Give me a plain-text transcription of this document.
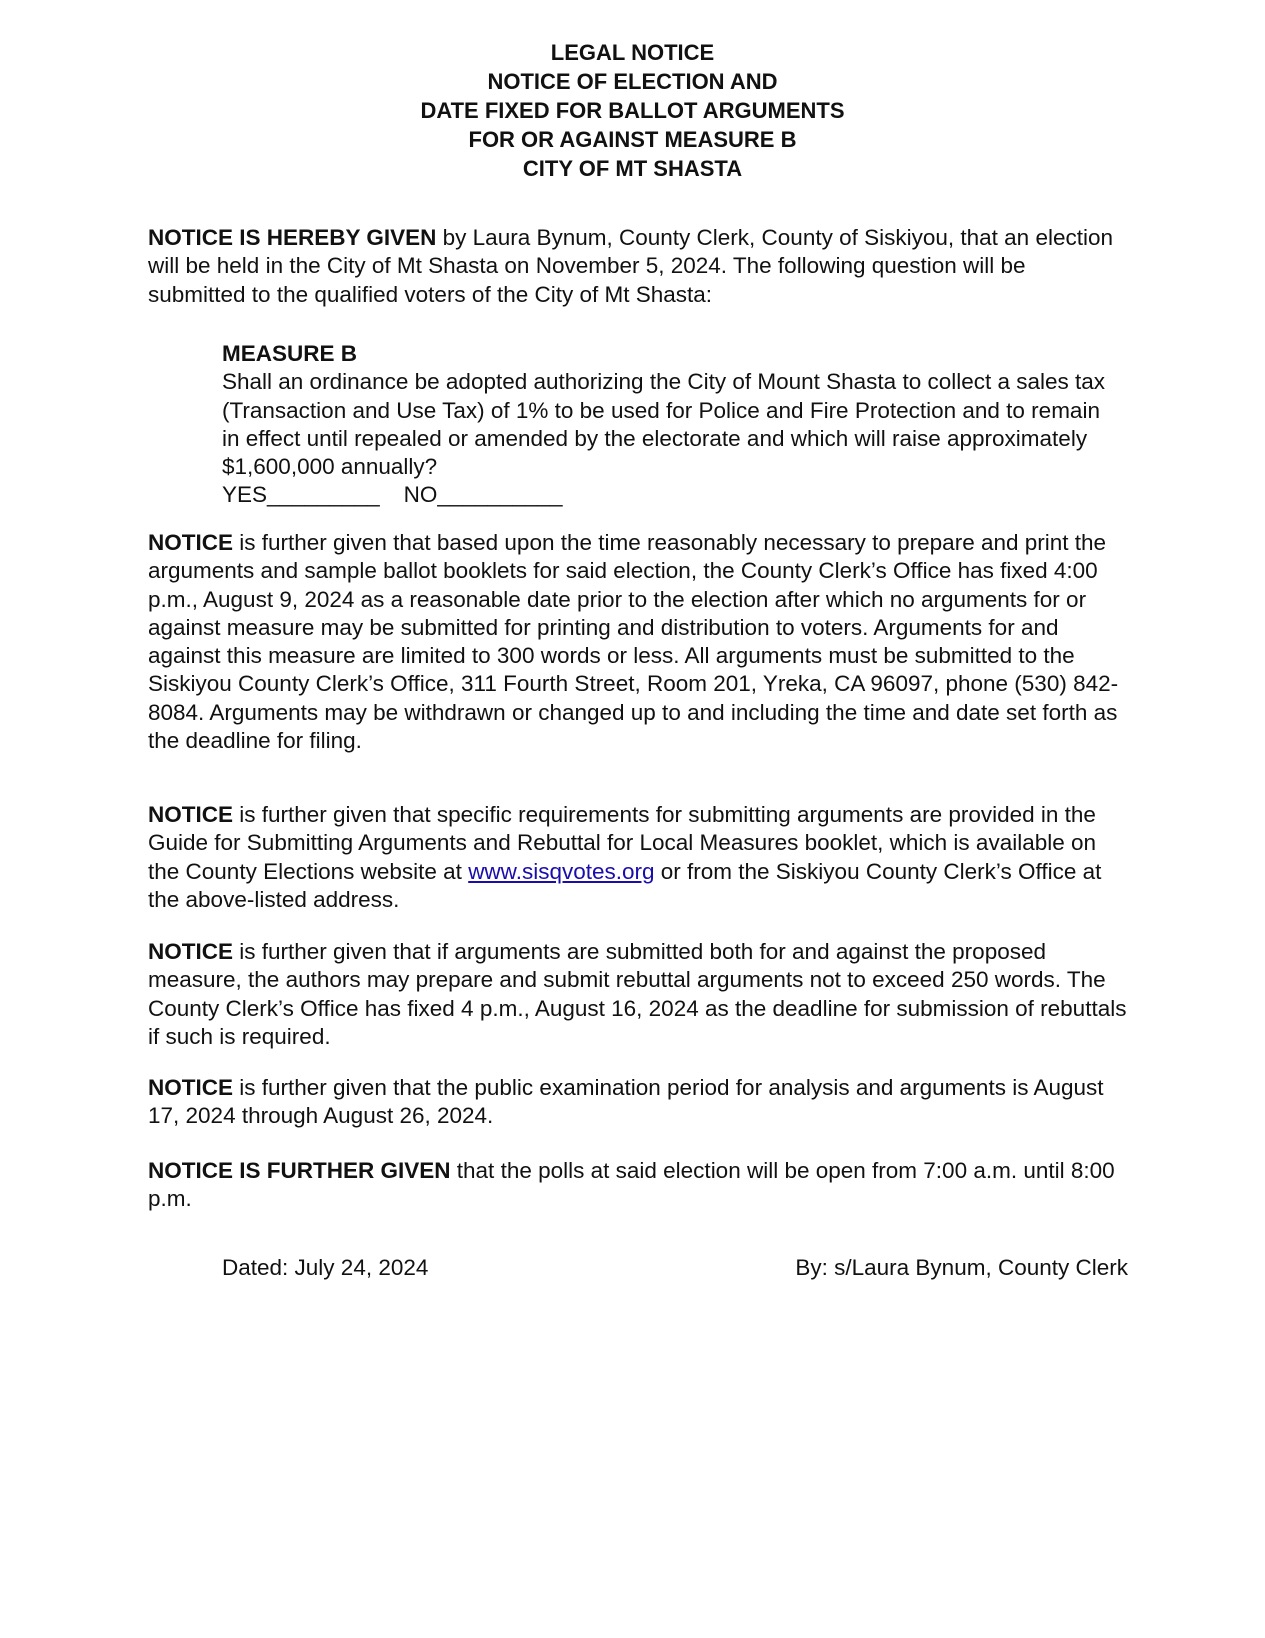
LEGAL NOTICE
NOTICE OF ELECTION AND
DATE FIXED FOR BALLOT ARGUMENTS
FOR OR AGAINST MEASURE B
CITY OF MT SHASTA

NOTICE IS HEREBY GIVEN by Laura Bynum, County Clerk, County of Siskiyou, that an election will be held in the City of Mt Shasta on November 5, 2024. The following question will be submitted to the qualified voters of the City of Mt Shasta:

MEASURE B
Shall an ordinance be adopted authorizing the City of Mount Shasta to collect a sales tax (Transaction and Use Tax) of 1% to be used for Police and Fire Protection and to remain in effect until repealed or amended by the electorate and which will raise approximately $1,600,000 annually?
YES_________ NO__________

NOTICE is further given that based upon the time reasonably necessary to prepare and print the arguments and sample ballot booklets for said election, the County Clerk’s Office has fixed 4:00 p.m., August 9, 2024 as a reasonable date prior to the election after which no arguments for or against measure may be submitted for printing and distribution to voters. Arguments for and against this measure are limited to 300 words or less. All arguments must be submitted to the Siskiyou County Clerk’s Office, 311 Fourth Street, Room 201, Yreka, CA 96097, phone (530) 842-8084. Arguments may be withdrawn or changed up to and including the time and date set forth as the deadline for filing.

NOTICE is further given that specific requirements for submitting arguments are provided in the Guide for Submitting Arguments and Rebuttal for Local Measures booklet, which is available on the County Elections website at www.sisqvotes.org or from the Siskiyou County Clerk’s Office at the above-listed address.

NOTICE is further given that if arguments are submitted both for and against the proposed measure, the authors may prepare and submit rebuttal arguments not to exceed 250 words. The County Clerk’s Office has fixed 4 p.m., August 16, 2024 as the deadline for submission of rebuttals if such is required.

NOTICE is further given that the public examination period for analysis and arguments is August 17, 2024 through August 26, 2024.

NOTICE IS FURTHER GIVEN that the polls at said election will be open from 7:00 a.m. until 8:00 p.m.

Dated: July 24, 2024	By: s/Laura Bynum, County Clerk
